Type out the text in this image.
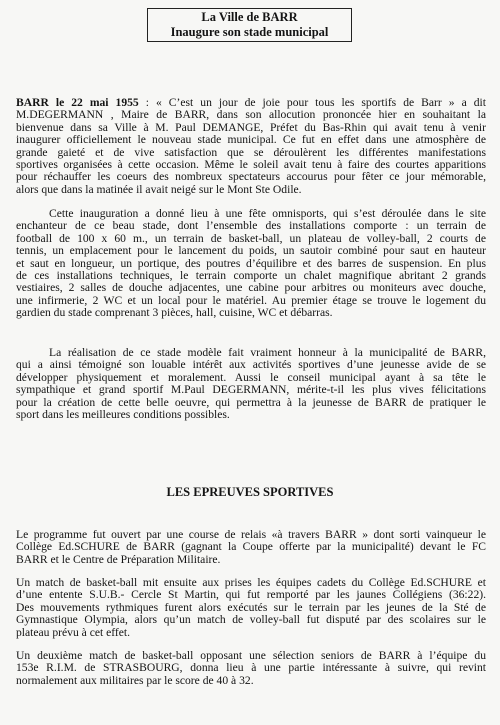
La Ville de BARR
Inaugure son stade municipal
BARR le 22 mai 1955 : « C’est un jour de joie pour tous les sportifs de Barr » a dit
M.DEGERMANN , Maire de BARR, dans son allocution prononcée hier en souhaitant la
bienvenue dans sa Ville à M. Paul DEMANGE, Préfet du Bas-Rhin qui avait tenu à venir
inaugurer officiellement le nouveau stade municipal. Ce fut en effet dans une atmosphère de
grande gaieté et de vive satisfaction que se déroulèrent les différentes manifestations
sportives organisées à cette occasion. Même le soleil avait tenu à faire des courtes apparitions
pour réchauffer les coeurs des nombreux spectateurs accourus pour fêter ce jour mémorable,
alors que dans la matinée il avait neigé sur le Mont Ste Odile.
Cette inauguration a donné lieu à une fête omnisports, qui s’est déroulée dans le site
enchanteur de ce beau stade, dont l’ensemble des installations comporte : un terrain de
football de 100 x 60 m., un terrain de basket-ball, un plateau de volley-ball, 2 courts de
tennis, un emplacement pour le lancement du poids, un sautoir combiné pour saut en hauteur
et saut en longueur, un portique, des poutres d’équilibre et des barres de suspension. En plus
de ces installations techniques, le terrain comporte un chalet magnifique abritant 2 grands
vestiaires, 2 salles de douche adjacentes, une cabine pour arbitres ou moniteurs avec douche,
une infirmerie, 2 WC et un local pour le matériel. Au premier étage se trouve le logement du
gardien du stade comprenant 3 pièces, hall, cuisine, WC et débarras.
La réalisation de ce stade modèle fait vraiment honneur à la municipalité de BARR,
qui a ainsi témoigné son louable intérêt aux activités sportives d’une jeunesse avide de se
développer physiquement et moralement. Aussi le conseil municipal ayant à sa tête le
sympathique et grand sportif M.Paul DEGERMANN, mérite-t-il les plus vives félicitations
pour la création de cette belle oeuvre, qui permettra à la jeunesse de BARR de pratiquer le
sport dans les meilleures conditions possibles.
LES EPREUVES SPORTIVES
Le programme fut ouvert par une course de relais «à travers BARR » dont sorti vainqueur le
Collège Ed.SCHURE de BARR (gagnant la Coupe offerte par la municipalité) devant le FC
BARR et le Centre de Préparation Militaire.
Un match de basket-ball mit ensuite aux prises les équipes cadets du Collège Ed.SCHURE et
d’une entente S.U.B.- Cercle St Martin, qui fut remporté par les jaunes Collégiens (36:22).
Des mouvements rythmiques furent alors exécutés sur le terrain par les jeunes de la Sté de
Gymnastique Olympia, alors qu’un match de volley-ball fut disputé par des scolaires sur le
plateau prévu à cet effet.
Un deuxième match de basket-ball opposant une sélection seniors de BARR à l’équipe du
153e R.I.M. de STRASBOURG, donna lieu à une partie intéressante à suivre, qui revint
normalement aux militaires par le score de 40 à 32.
